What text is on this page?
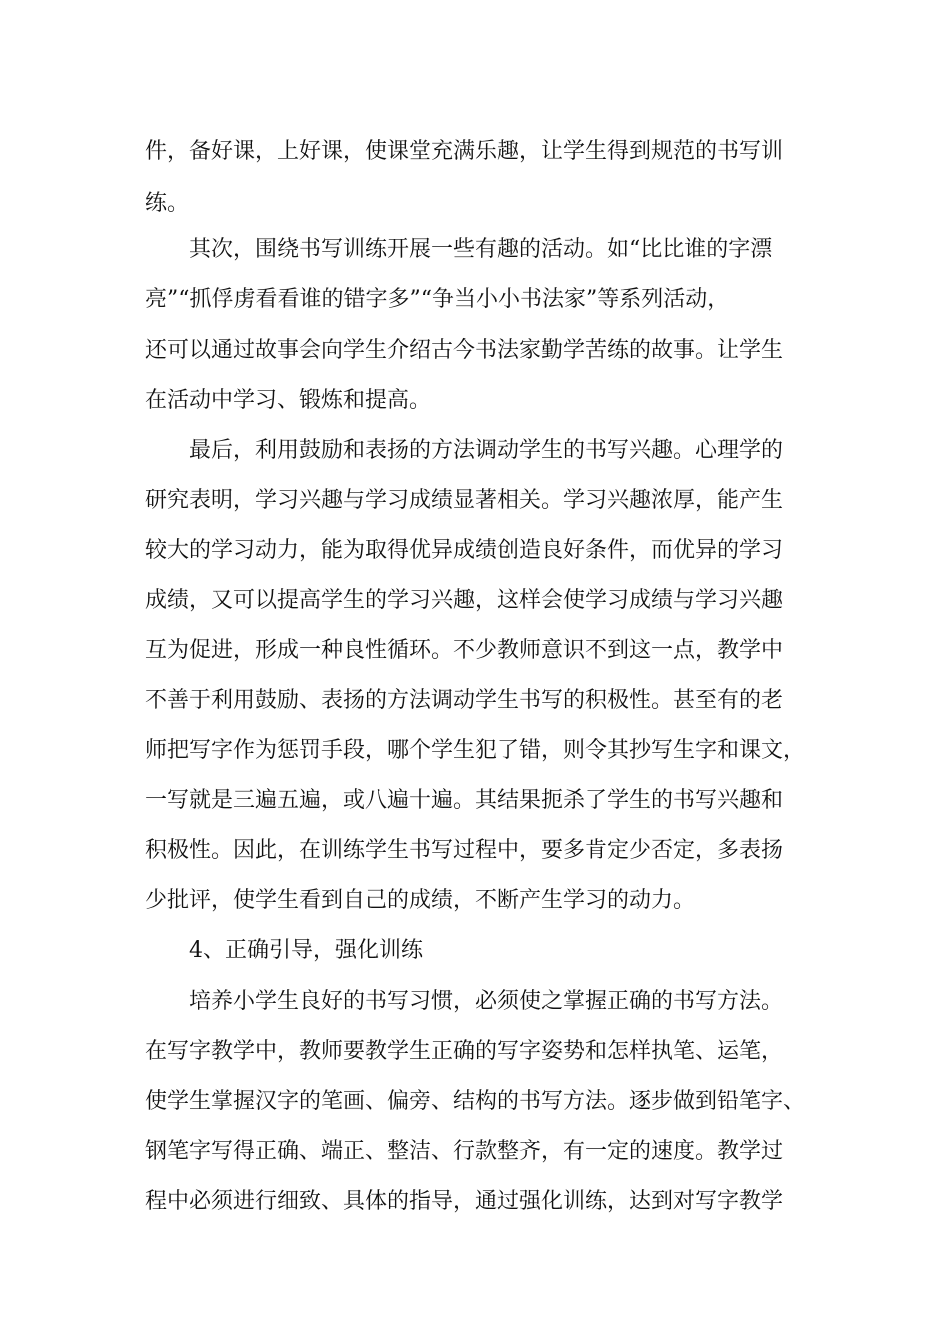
件，备好课，上好课，使课堂充满乐趣，让学生得到规范的书写训
练。
其次，围绕书写训练开展一些有趣的活动。如“比比谁的字漂
亮”“抓俘虏看看谁的错字多”“争当小小书法家”等系列活动，
还可以通过故事会向学生介绍古今书法家勤学苦练的故事。让学生
在活动中学习、锻炼和提高。
最后，利用鼓励和表扬的方法调动学生的书写兴趣。心理学的
研究表明，学习兴趣与学习成绩显著相关。学习兴趣浓厚，能产生
较大的学习动力，能为取得优异成绩创造良好条件，而优异的学习
成绩，又可以提高学生的学习兴趣，这样会使学习成绩与学习兴趣
互为促进，形成一种良性循环。不少教师意识不到这一点，教学中
不善于利用鼓励、表扬的方法调动学生书写的积极性。甚至有的老
师把写字作为惩罚手段，哪个学生犯了错，则令其抄写生字和课文，
一写就是三遍五遍，或八遍十遍。其结果扼杀了学生的书写兴趣和
积极性。因此，在训练学生书写过程中，要多肯定少否定，多表扬
少批评，使学生看到自己的成绩，不断产生学习的动力。
4、正确引导，强化训练
培养小学生良好的书写习惯，必须使之掌握正确的书写方法。
在写字教学中，教师要教学生正确的写字姿势和怎样执笔、运笔，
使学生掌握汉字的笔画、偏旁、结构的书写方法。逐步做到铅笔字、
钢笔字写得正确、端正、整洁、行款整齐，有一定的速度。教学过
程中必须进行细致、具体的指导，通过强化训练，达到对写字教学
